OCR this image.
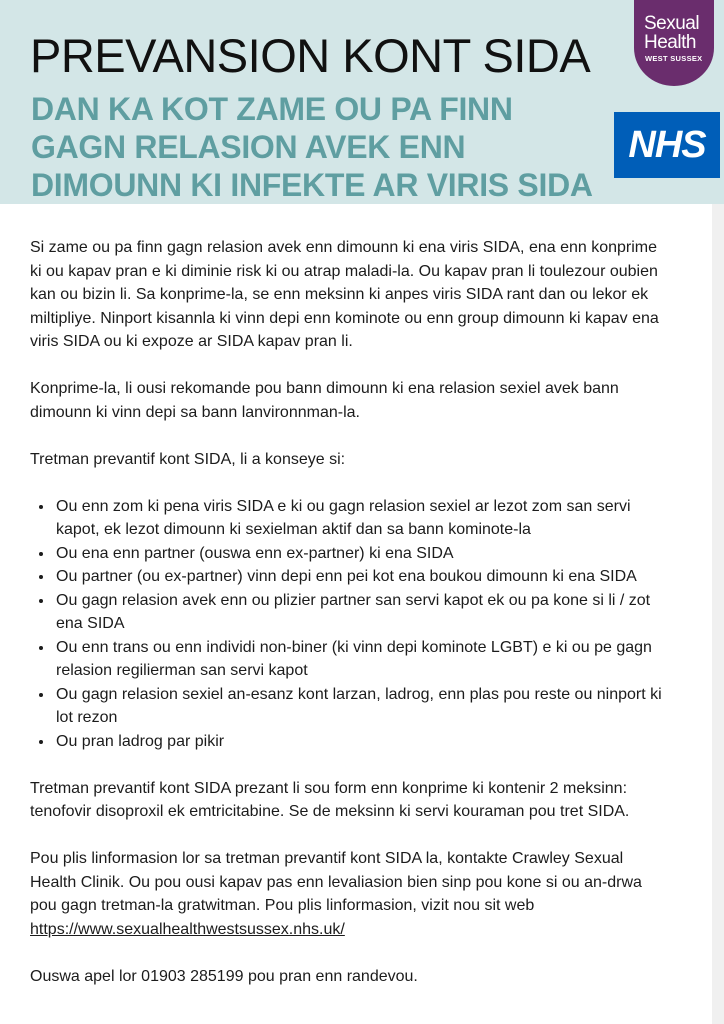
PREVANSION KONT SIDA
DAN KA KOT ZAME OU PA FINN GAGN RELASION AVEK ENN DIMOUNN KI INFEKTE AR VIRIS SIDA
Sexual
Health
WEST SUSSEX
NHS

Si zame ou pa finn gagn relasion avek enn dimounn ki ena viris SIDA, ena enn konprime ki ou kapav pran e ki diminie risk ki ou atrap maladi-la. Ou kapav pran li toulezour oubien kan ou bizin li. Sa konprime-la, se enn meksinn ki anpes viris SIDA rant dan ou lekor ek miltipliye. Ninport kisannla ki vinn depi enn kominote ou enn group dimounn ki kapav ena viris SIDA ou ki expoze ar SIDA kapav pran li.

Konprime-la, li ousi rekomande pou bann dimounn ki ena relasion sexiel avek bann dimounn ki vinn depi sa bann lanvironnman-la.

Tretman prevantif kont SIDA, li a konseye si:

• Ou enn zom ki pena viris SIDA e ki ou gagn relasion sexiel ar lezot zom san servi kapot, ek lezot dimounn ki sexielman aktif dan sa bann kominote-la
• Ou ena enn partner (ouswa enn ex-partner) ki ena SIDA
• Ou partner (ou ex-partner) vinn depi enn pei kot ena boukou dimounn ki ena SIDA
• Ou gagn relasion avek enn ou plizier partner san servi kapot ek ou pa kone si li / zot ena SIDA
• Ou enn trans ou enn individi non-biner (ki vinn depi kominote LGBT) e ki ou pe gagn relasion regilierman san servi kapot
• Ou gagn relasion sexiel an-esanz kont larzan, ladrog, enn plas pou reste ou ninport ki lot rezon
• Ou pran ladrog par pikir

Tretman prevantif kont SIDA prezant li sou form enn konprime ki kontenir 2 meksinn: tenofovir disoproxil ek emtricitabine. Se de meksinn ki servi kouraman pou tret SIDA.

Pou plis linformasion lor sa tretman prevantif kont SIDA la, kontakte Crawley Sexual Health Clinik. Ou pou ousi kapav pas enn levaliasion bien sinp pou kone si ou an-drwa pou gagn tretman-la gratwitman. Pou plis linformasion, vizit nou sit web https://www.sexualhealthwestsussex.nhs.uk/

Ouswa apel lor 01903 285199 pou pran enn randevou.
